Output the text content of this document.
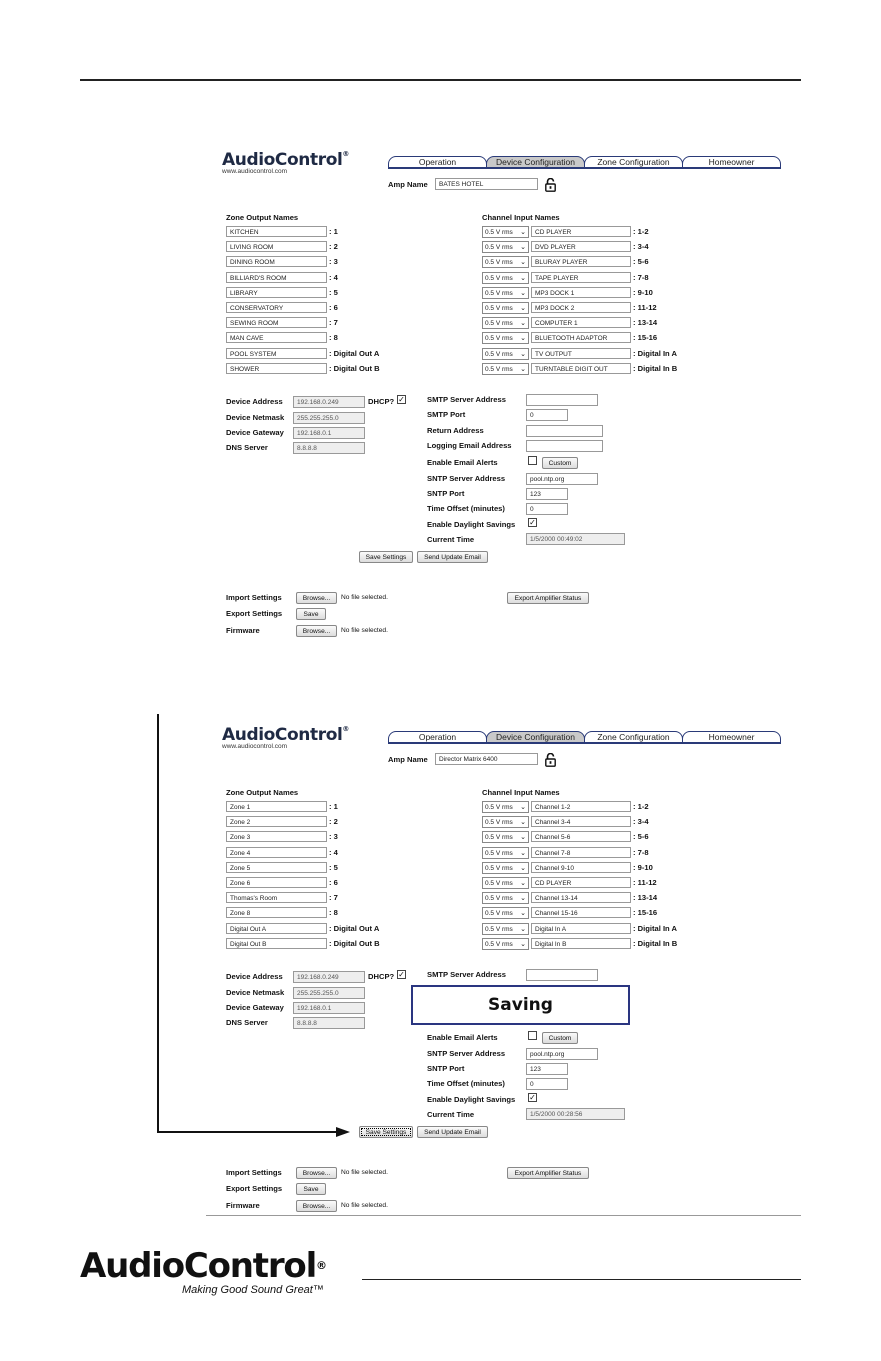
AudioControl®
www.audiocontrol.com
Operation	Device Configuration	Zone Configuration	Homeowner
Amp Name	BATES HOTEL
Zone Output Names	Channel Input Names
KITCHEN	: 1	0.5 V rms ⌄	CD PLAYER	: 1-2
LIVING ROOM	: 2	0.5 V rms ⌄	DVD PLAYER	: 3-4
DINING ROOM	: 3	0.5 V rms ⌄	BLURAY PLAYER	: 5-6
BILLIARD'S ROOM	: 4	0.5 V rms ⌄	TAPE PLAYER	: 7-8
LIBRARY	: 5	0.5 V rms ⌄	MP3 DOCK 1	: 9-10
CONSERVATORY	: 6	0.5 V rms ⌄	MP3 DOCK 2	: 11-12
SEWING ROOM	: 7	0.5 V rms ⌄	COMPUTER 1	: 13-14
MAN CAVE	: 8	0.5 V rms ⌄	BLUETOOTH ADAPTOR	: 15-16
POOL SYSTEM	: Digital Out A	0.5 V rms ⌄	TV OUTPUT	: Digital In A
SHOWER	: Digital Out B	0.5 V rms ⌄	TURNTABLE DIGIT OUT	: Digital In B
Device Address	192.168.0.249
Device Netmask	255.255.255.0
Device Gateway	192.168.0.1
DNS Server	8.8.8.8
DHCP? ✓	SMTP Server Address
SMTP Port	0
Return Address
Logging Email Address
Enable Email Alerts	Custom
SNTP Server Address	pool.ntp.org
SNTP Port	123
Time Offset (minutes)	0
Enable Daylight Savings ✓
Current Time	1/5/2000 00:49:02
Save Settings	Send Update Email
Import Settings	Browse...	No file selected.	Export Amplifier Status
Export Settings	Save
Firmware	Browse...	No file selected.
AudioControl®
www.audiocontrol.com
Operation	Device Configuration	Zone Configuration	Homeowner
Amp Name	Director Matrix 6400
Zone Output Names	Channel Input Names
Zone 1	: 1	0.5 V rms ⌄	Channel 1-2	: 1-2
Zone 2	: 2	0.5 V rms ⌄	Channel 3-4	: 3-4
Zone 3	: 3	0.5 V rms ⌄	Channel 5-6	: 5-6
Zone 4	: 4	0.5 V rms ⌄	Channel 7-8	: 7-8
Zone 5	: 5	0.5 V rms ⌄	Channel 9-10	: 9-10
Zone 6	: 6	0.5 V rms ⌄	CD PLAYER	: 11-12
Thomas's Room	: 7	0.5 V rms ⌄	Channel 13-14	: 13-14
Zone 8	: 8	0.5 V rms ⌄	Channel 15-16	: 15-16
Digital Out A	: Digital Out A	0.5 V rms ⌄	Digital In A	: Digital In A
Digital Out B	: Digital Out B	0.5 V rms ⌄	Digital In B	: Digital In B
Device Address	192.168.0.249
Device Netmask	255.255.255.0
Device Gateway	192.168.0.1
DNS Server	8.8.8.8
DHCP? ✓	SMTP Server Address
Saving
Enable Email Alerts	Custom
SNTP Server Address	pool.ntp.org
SNTP Port	123
Time Offset (minutes)	0
Enable Daylight Savings ✓
Current Time	1/5/2000 00:28:56
Save Settings	Send Update Email
Import Settings	Browse...	No file selected.	Export Amplifier Status
Export Settings	Save
Firmware	Browse...	No file selected.
AudioControl®
Making Good Sound Great™
